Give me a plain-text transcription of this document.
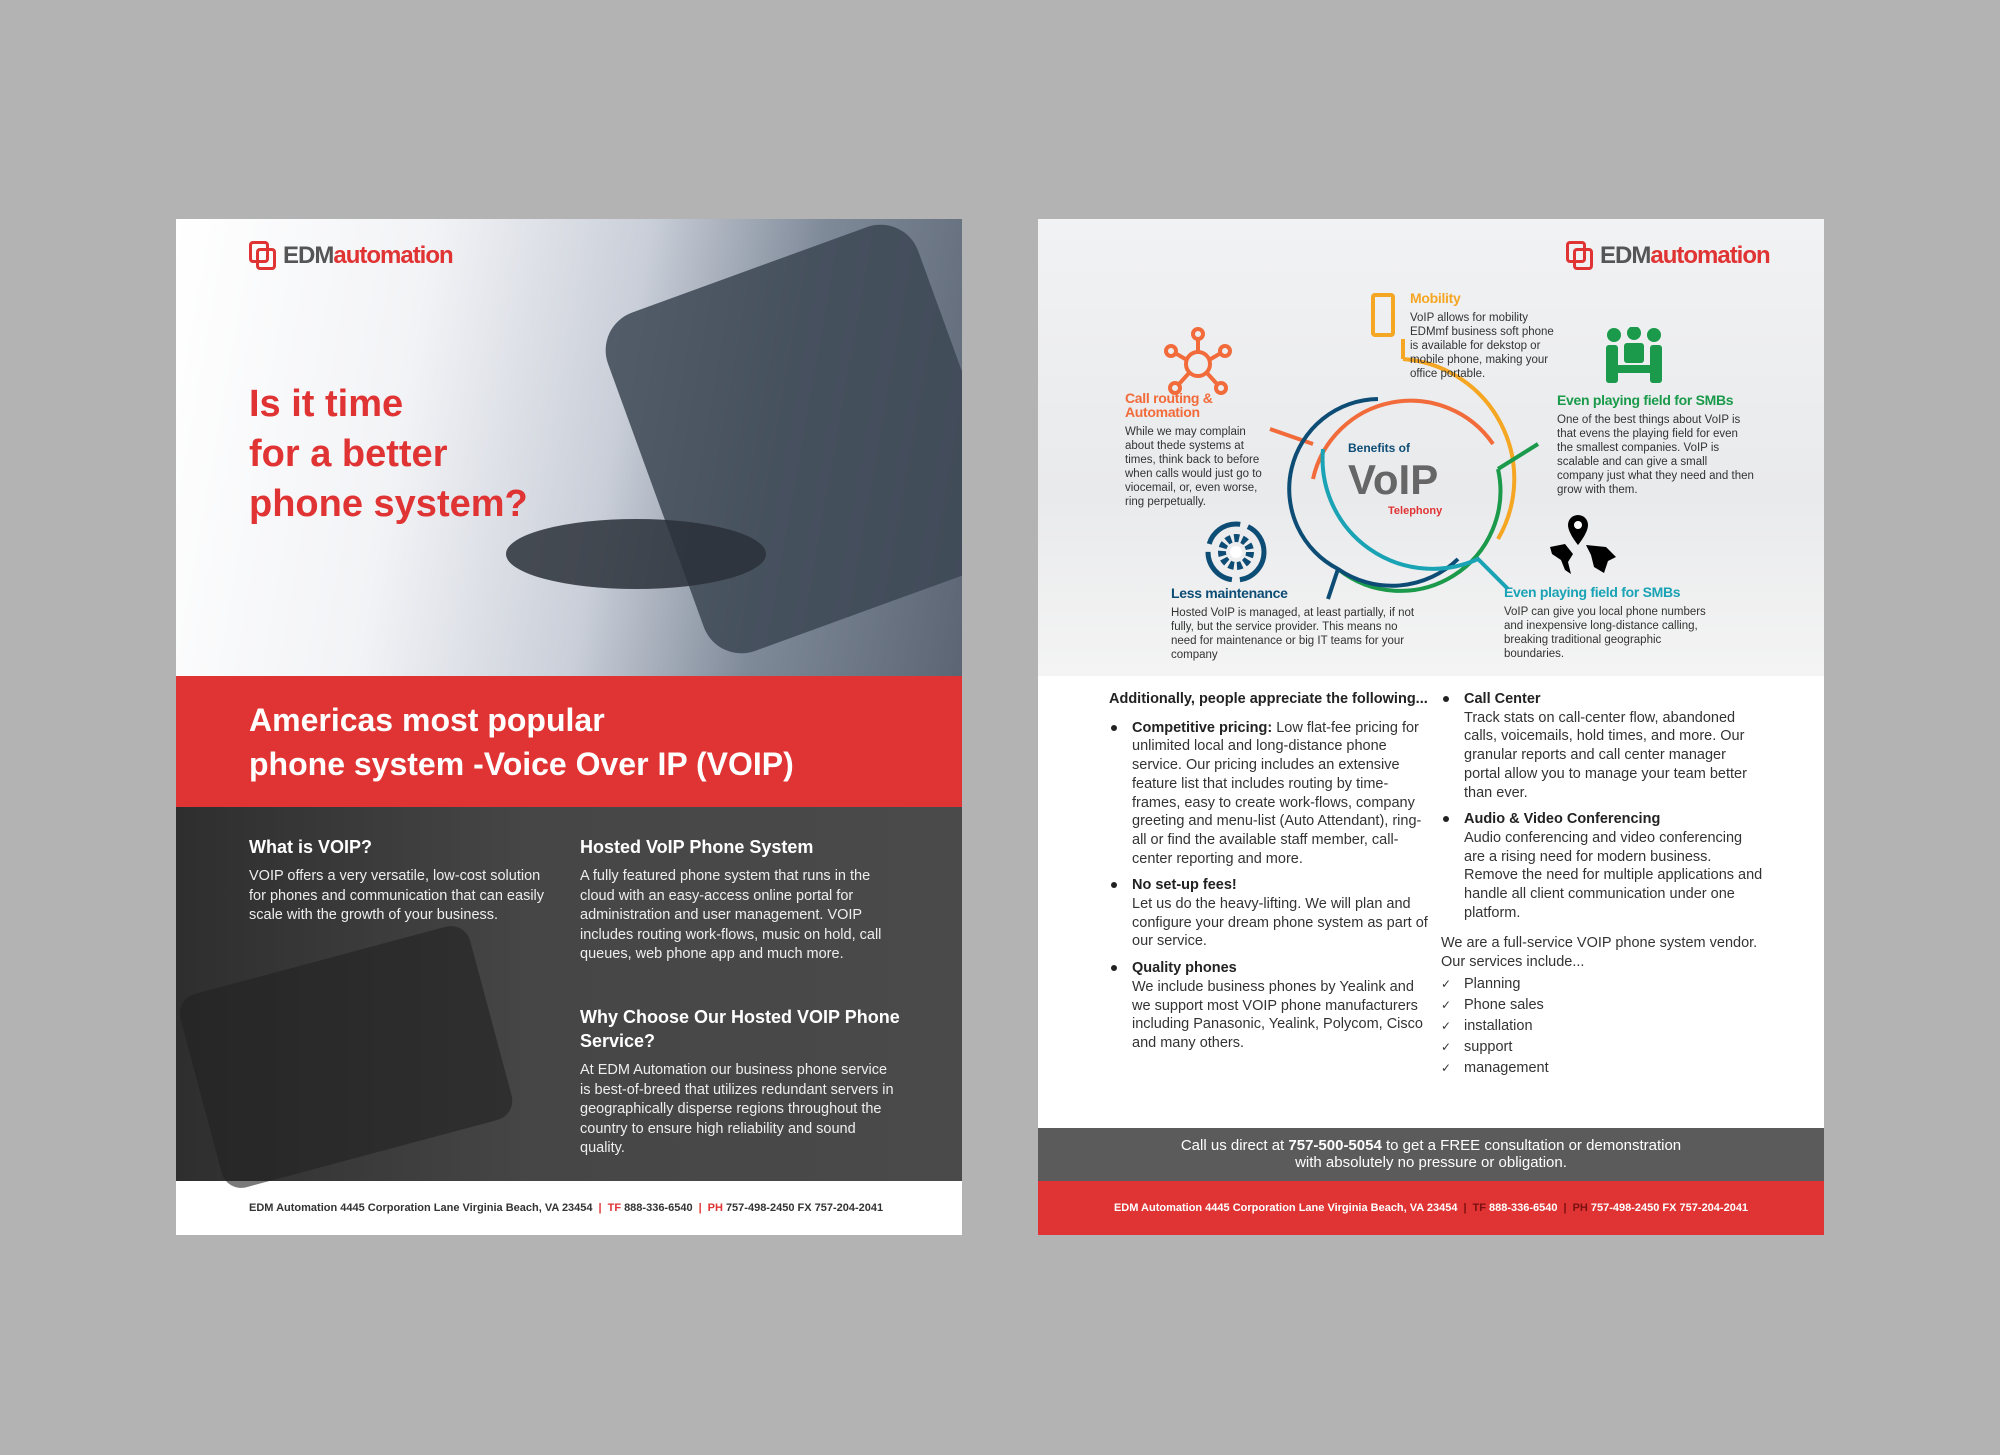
EDMautomation
Is it time
for a better
phone system?
Americas most popular
phone system -Voice Over IP (VOIP)
What is VOIP?

VOIP offers a very versatile, low-cost solution for phones and communication that can easily scale with the growth of your business.

Hosted VoIP Phone System

A fully featured phone system that runs in the cloud with an easy-access online portal for administration and user management. VOIP includes routing work-flows, music on hold, call queues, web phone app and much more.

Why Choose Our Hosted VOIP Phone Service?

At EDM Automation our business phone service is best-of-breed that utilizes redundant servers in geographically disperse regions throughout the country to ensure high reliability and sound quality.

EDM Automation 4445 Corporation Lane Virginia Beach, VA 23454 | TF 888-336-6540 | PH 757-498-2450 FX 757-204-2041
Benefits of
VoIP
Telephony
Mobility

VoIP allows for mobility EDMmf business soft phone is available for dekstop or mobile phone, making your office portable.

Call routing & Automation

While we may complain about thede systems at times, think back to before when calls would just go to viocemail, or, even worse, ring perpetually.

Even playing field for SMBs

One of the best things about VoIP is that evens the playing field for even the smallest companies. VoIP is scalable and can give a small company just what they need and then grow with them.

Less maintenance

Hosted VoIP is managed, at least partially, if not fully, but the service provider. This means no need for maintenance or big IT teams for your company

Even playing field for SMBs

VoIP can give you local phone numbers and inexpensive long-distance calling, breaking traditional geographic boundaries.

EDMautomation

Additionally, people appreciate the following...

Competitive pricing: Low flat-fee pricing for unlimited local and long-distance phone service. Our pricing includes an extensive feature list that includes routing by time-frames, easy to create work-flows, company greeting and menu-list (Auto Attendant), ring-all or find the available staff member, call-center reporting and more.
No set-up fees!
Let us do the heavy-lifting. We will plan and configure your dream phone system as part of our service.
Quality phones
We include business phones by Yealink and we support most VOIP phone manufacturers including Panasonic, Yealink, Polycom, Cisco and many others.
Call Center
Track stats on call-center flow, abandoned calls, voicemails, hold times, and more. Our granular reports and call center manager portal allow you to manage your team better than ever.
Audio & Video Conferencing
Audio conferencing and video conferencing are a rising need for modern business. Remove the need for multiple applications and handle all client communication under one platform.

We are a full-service VOIP phone system vendor. Our services include...

✓ Planning
✓ Phone sales
✓ installation
✓ support
✓ management
Call us direct at 757-500-5054 to get a FREE consultation or demonstration
with absolutely no pressure or obligation.
EDM Automation 4445 Corporation Lane Virginia Beach, VA 23454 | TF 888-336-6540 | PH 757-498-2450 FX 757-204-2041
